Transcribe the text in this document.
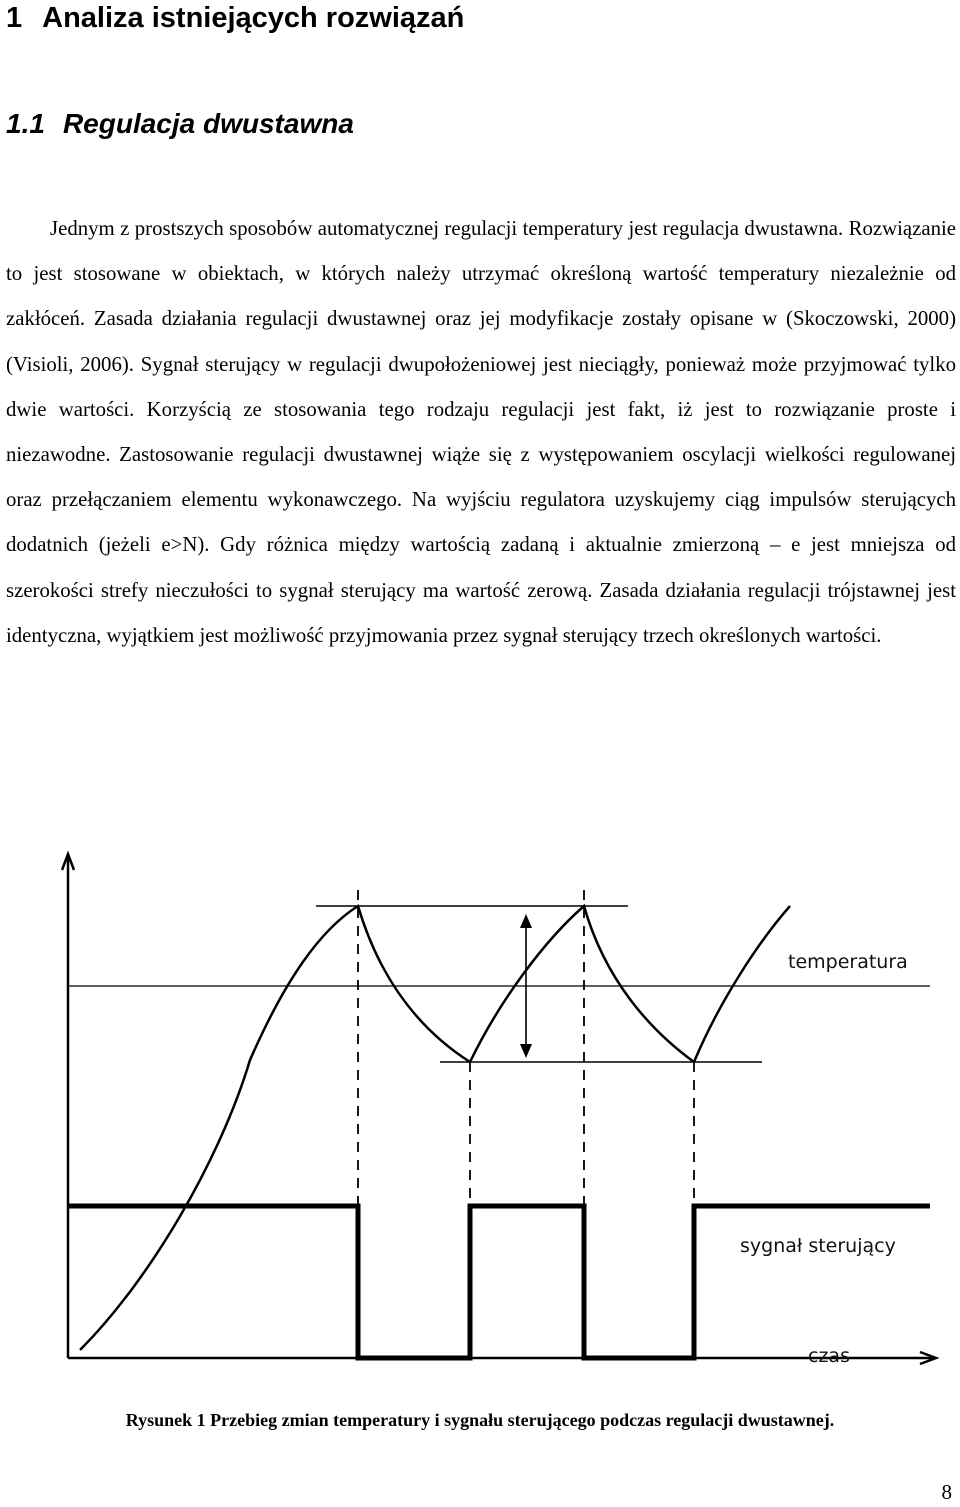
1 Analiza istniejących rozwiązań
1.1 Regulacja dwustawna

Jednym z prostszych sposobów automatycznej regulacji temperatury jest regulacja dwustawna. Rozwiązanie to jest stosowane w obiektach, w których należy utrzymać określoną wartość temperatury niezależnie od zakłóceń. Zasada działania regulacji dwustawnej oraz jej modyfikacje zostały opisane w (Skoczowski, 2000) (Visioli, 2006). Sygnał sterujący w regulacji dwupołożeniowej jest nieciągły, ponieważ może przyjmować tylko dwie wartości. Korzyścią ze stosowania tego rodzaju regulacji jest fakt, iż jest to rozwiązanie proste i niezawodne. Zastosowanie regulacji dwustawnej wiąże się z występowaniem oscylacji wielkości regulowanej oraz przełączaniem elementu wykonawczego. Na wyjściu regulatora uzyskujemy ciąg impulsów sterujących dodatnich (jeżeli e>N). Gdy różnica między wartością zadaną i aktualnie zmierzoną – e jest mniejsza od szerokości strefy nieczułości to sygnał sterujący ma wartość zerową. Zasada działania regulacji trójstawnej jest identyczna, wyjątkiem jest możliwość przyjmowania przez sygnał sterujący trzech określonych wartości.

temperatura
sygnał sterujący
czas

Rysunek 1 Przebieg zmian temperatury i sygnału sterującego podczas regulacji dwustawnej.

8
